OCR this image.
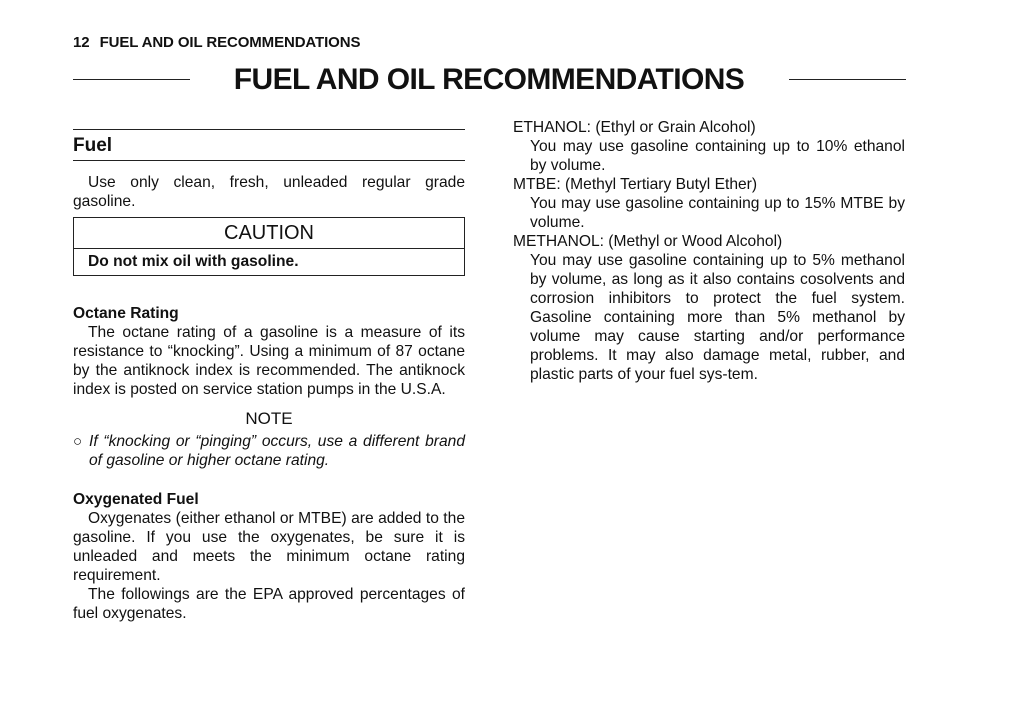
12 FUEL AND OIL RECOMMENDATIONS
FUEL AND OIL RECOMMENDATIONS
Fuel

Use only clean, fresh, unleaded regular grade gasoline.

CAUTION
Do not mix oil with gasoline.
Octane Rating

The octane rating of a gasoline is a measure of its resistance to “knocking”. Using a minimum of 87 octane by the antiknock index is recommended. The antiknock index is posted on service station pumps in the U.S.A.

NOTE
○ If “knocking or “pinging” occurs, use a different brand of gasoline or higher octane rating.
Oxygenated Fuel

Oxygenates (either ethanol or MTBE) are added to the gasoline. If you use the oxygenates, be sure it is unleaded and meets the minimum octane rating requirement.

The followings are the EPA approved percentages of fuel oxygenates.

ETHANOL: (Ethyl or Grain Alcohol)

You may use gasoline containing up to 10% ethanol by volume.

MTBE: (Methyl Tertiary Butyl Ether)

You may use gasoline containing up to 15% MTBE by volume.

METHANOL: (Methyl or Wood Alcohol)

You may use gasoline containing up to 5% methanol by volume, as long as it also contains cosolvents and corrosion inhibitors to protect the fuel system. Gasoline containing more than 5% methanol by volume may cause starting and/or performance problems. It may also damage metal, rubber, and plastic parts of your fuel sys-tem.
